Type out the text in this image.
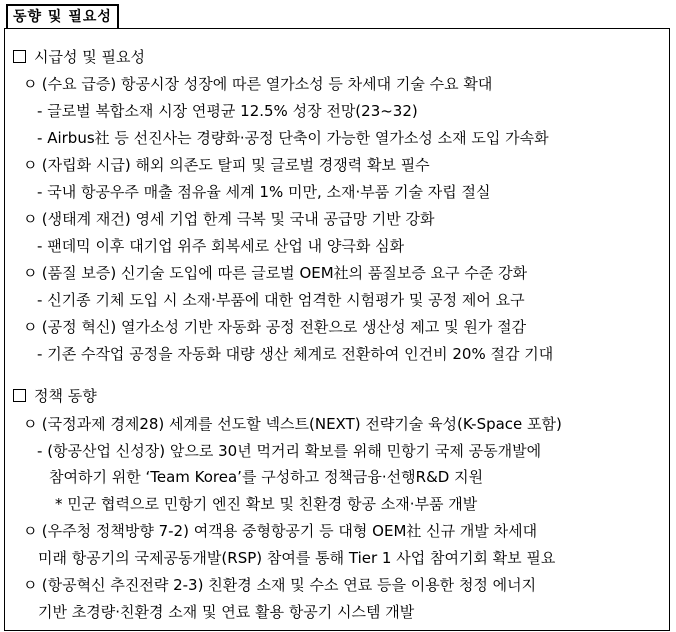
동향 및 필요성
시급성 및 필요성
ㅇ (수요 급증) 항공시장 성장에 따른 열가소성 등 차세대 기술 수요 확대
- 글로벌 복합소재 시장 연평균 12.5% 성장 전망(23~32)
- Airbus社 등 선진사는 경량화·공정 단축이 가능한 열가소성 소재 도입 가속화
ㅇ (자립화 시급) 해외 의존도 탈피 및 글로벌 경쟁력 확보 필수
- 국내 항공우주 매출 점유율 세계 1% 미만, 소재·부품 기술 자립 절실
ㅇ (생태계 재건) 영세 기업 한계 극복 및 국내 공급망 기반 강화
- 팬데믹 이후 대기업 위주 회복세로 산업 내 양극화 심화
ㅇ (품질 보증) 신기술 도입에 따른 글로벌 OEM社의 품질보증 요구 수준 강화
- 신기종 기체 도입 시 소재·부품에 대한 엄격한 시험평가 및 공정 제어 요구
ㅇ (공정 혁신) 열가소성 기반 자동화 공정 전환으로 생산성 제고 및 원가 절감
- 기존 수작업 공정을 자동화 대량 생산 체계로 전환하여 인건비 20% 절감 기대
정책 동향
ㅇ (국정과제 경제28) 세계를 선도할 넥스트(NEXT) 전략기술 육성(K-Space 포함)
- (항공산업 신성장) 앞으로 30년 먹거리 확보를 위해 민항기 국제 공동개발에
참여하기 위한 ‘Team Korea’를 구성하고 정책금융·선행R&D 지원
* 민군 협력으로 민항기 엔진 확보 및 친환경 항공 소재·부품 개발
ㅇ (우주청 정책방향 7-2) 여객용 중형항공기 등 대형 OEM社 신규 개발 차세대
미래 항공기의 국제공동개발(RSP) 참여를 통해 Tier 1 사업 참여기회 확보 필요
ㅇ (항공혁신 추진전략 2-3) 친환경 소재 및 수소 연료 등을 이용한 청정 에너지
기반 초경량·친환경 소재 및 연료 활용 항공기 시스템 개발
